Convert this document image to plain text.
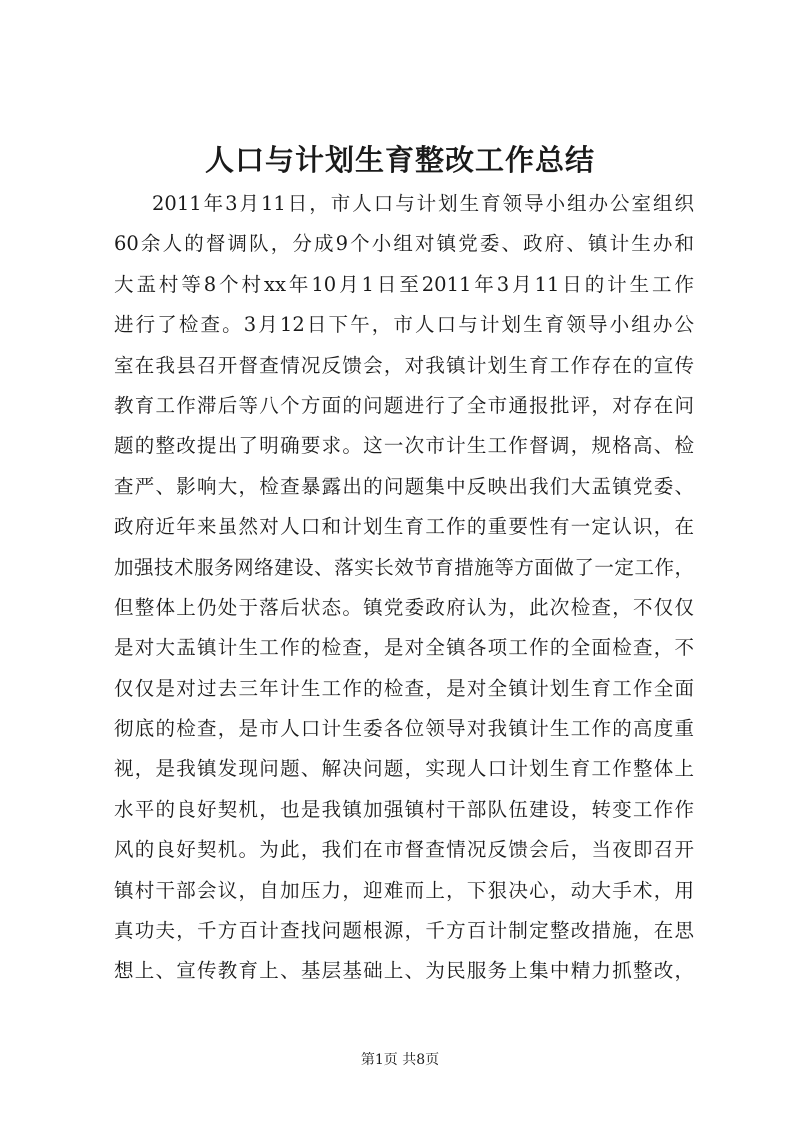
人口与计划生育整改工作总结
2011年3月11日，市人口与计划生育领导小组办公室组织
60余人的督调队，分成9个小组对镇党委、政府、镇计生办和
大盂村等8个村xx年10月1日至2011年3月11日的计生工作
进行了检查。3月12日下午，市人口与计划生育领导小组办公
室在我县召开督查情况反馈会，对我镇计划生育工作存在的宣传
教育工作滞后等八个方面的问题进行了全市通报批评，对存在问
题的整改提出了明确要求。这一次市计生工作督调，规格高、检
查严、影响大，检查暴露出的问题集中反映出我们大盂镇党委、
政府近年来虽然对人口和计划生育工作的重要性有一定认识，在
加强技术服务网络建设、落实长效节育措施等方面做了一定工作，
但整体上仍处于落后状态。镇党委政府认为，此次检查，不仅仅
是对大盂镇计生工作的检查，是对全镇各项工作的全面检查，不
仅仅是对过去三年计生工作的检查，是对全镇计划生育工作全面
彻底的检查，是市人口计生委各位领导对我镇计生工作的高度重
视，是我镇发现问题、解决问题，实现人口计划生育工作整体上
水平的良好契机，也是我镇加强镇村干部队伍建设，转变工作作
风的良好契机。为此，我们在市督查情况反馈会后，当夜即召开
镇村干部会议，自加压力，迎难而上，下狠决心，动大手术，用
真功夫，千方百计查找问题根源，千方百计制定整改措施，在思
想上、宣传教育上、基层基础上、为民服务上集中精力抓整改，
第1页 共8页
